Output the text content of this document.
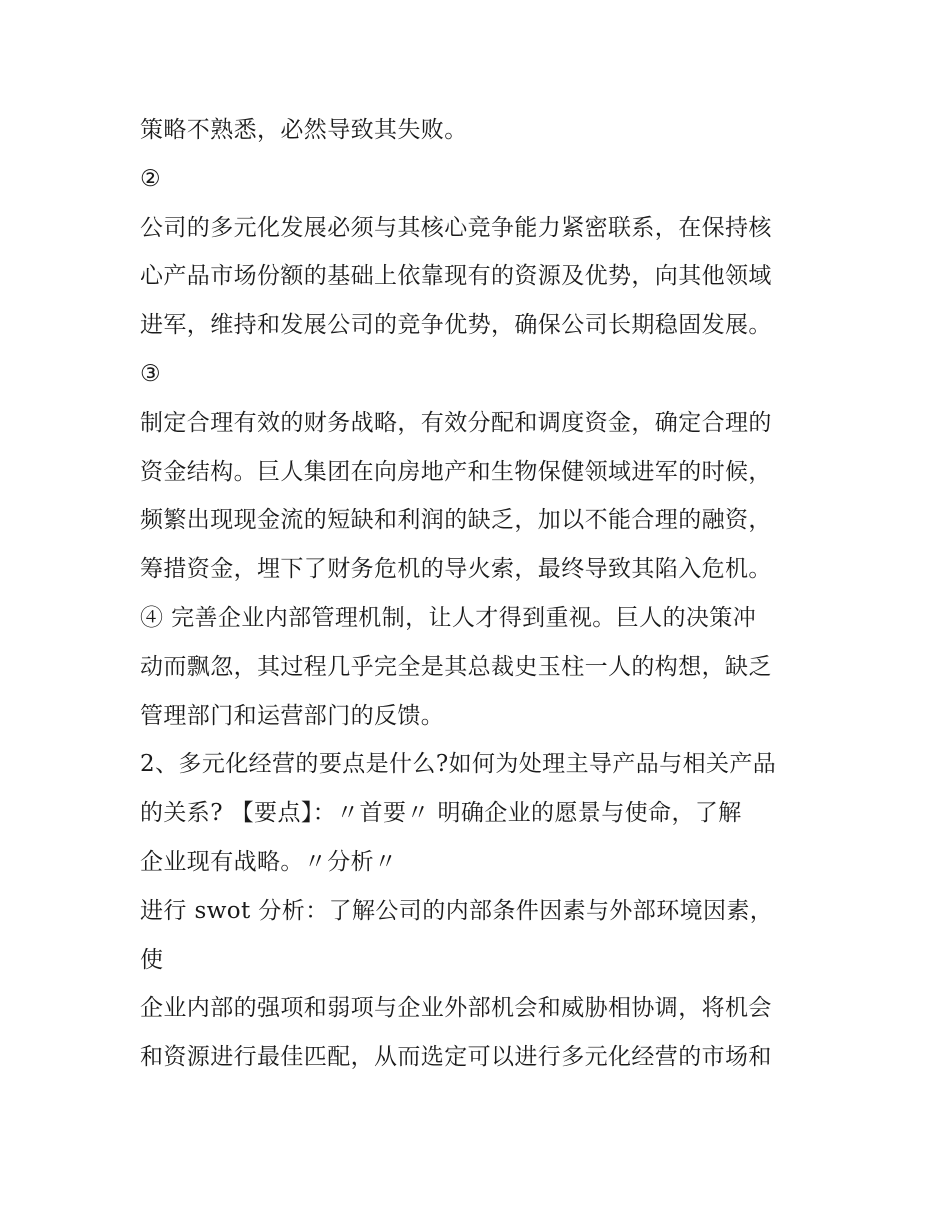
策略不熟悉，必然导致其失败。
②
公司的多元化发展必须与其核心竞争能力紧密联系，在保持核
心产品市场份额的基础上依靠现有的资源及优势，向其他领域
进军，维持和发展公司的竞争优势，确保公司长期稳固发展。
③
制定合理有效的财务战略，有效分配和调度资金，确定合理的
资金结构。巨人集团在向房地产和生物保健领域进军的时候，
频繁出现现金流的短缺和利润的缺乏，加以不能合理的融资，
筹措资金，埋下了财务危机的导火索，最终导致其陷入危机。
④ 完善企业内部管理机制，让人才得到重视。巨人的决策冲
动而飘忽，其过程几乎完全是其总裁史玉柱一人的构想，缺乏
管理部门和运营部门的反馈。
2、多元化经营的要点是什么?如何为处理主导产品与相关产品
的关系? 【要点】：〃首要〃 明确企业的愿景与使命，了解
企业现有战略。〃分析〃
进行 swot 分析：了解公司的内部条件因素与外部环境因素，
使
企业内部的强项和弱项与企业外部机会和威胁相协调，将机会
和资源进行最佳匹配，从而选定可以进行多元化经营的市场和
